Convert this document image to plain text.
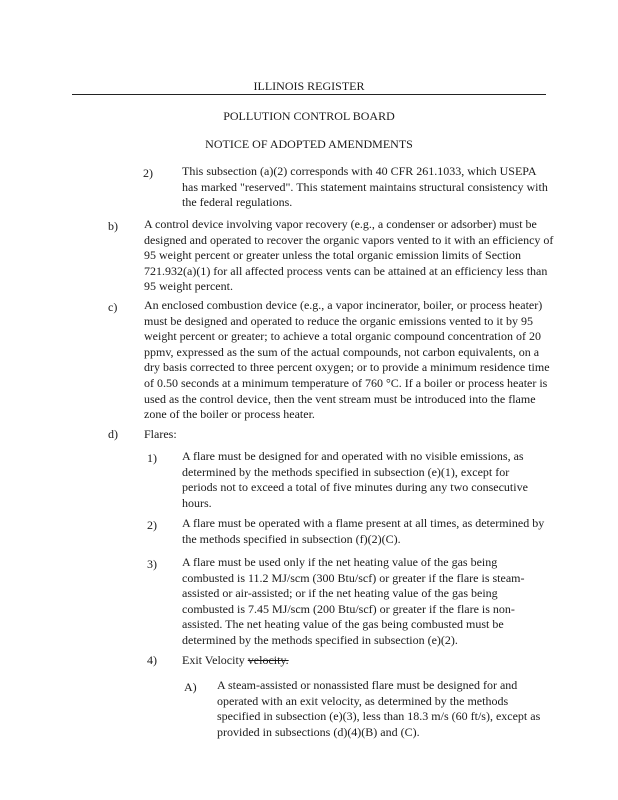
ILLINOIS REGISTER
POLLUTION CONTROL BOARD
NOTICE OF ADOPTED AMENDMENTS
2) This subsection (a)(2) corresponds with 40 CFR 261.1033, which USEPA has marked "reserved". This statement maintains structural consistency with the federal regulations.
b) A control device involving vapor recovery (e.g., a condenser or adsorber) must be designed and operated to recover the organic vapors vented to it with an efficiency of 95 weight percent or greater unless the total organic emission limits of Section 721.932(a)(1) for all affected process vents can be attained at an efficiency less than 95 weight percent.
c) An enclosed combustion device (e.g., a vapor incinerator, boiler, or process heater) must be designed and operated to reduce the organic emissions vented to it by 95 weight percent or greater; to achieve a total organic compound concentration of 20 ppmv, expressed as the sum of the actual compounds, not carbon equivalents, on a dry basis corrected to three percent oxygen; or to provide a minimum residence time of 0.50 seconds at a minimum temperature of 760 °C. If a boiler or process heater is used as the control device, then the vent stream must be introduced into the flame zone of the boiler or process heater.
d) Flares:
1) A flare must be designed for and operated with no visible emissions, as determined by the methods specified in subsection (e)(1), except for periods not to exceed a total of five minutes during any two consecutive hours.
2) A flare must be operated with a flame present at all times, as determined by the methods specified in subsection (f)(2)(C).
3) A flare must be used only if the net heating value of the gas being combusted is 11.2 MJ/scm (300 Btu/scf) or greater if the flare is steam-assisted or air-assisted; or if the net heating value of the gas being combusted is 7.45 MJ/scm (200 Btu/scf) or greater if the flare is non-assisted. The net heating value of the gas being combusted must be determined by the methods specified in subsection (e)(2).
4) Exit Velocity velocity.
A) A steam-assisted or nonassisted flare must be designed for and operated with an exit velocity, as determined by the methods specified in subsection (e)(3), less than 18.3 m/s (60 ft/s), except as provided in subsections (d)(4)(B) and (C).
